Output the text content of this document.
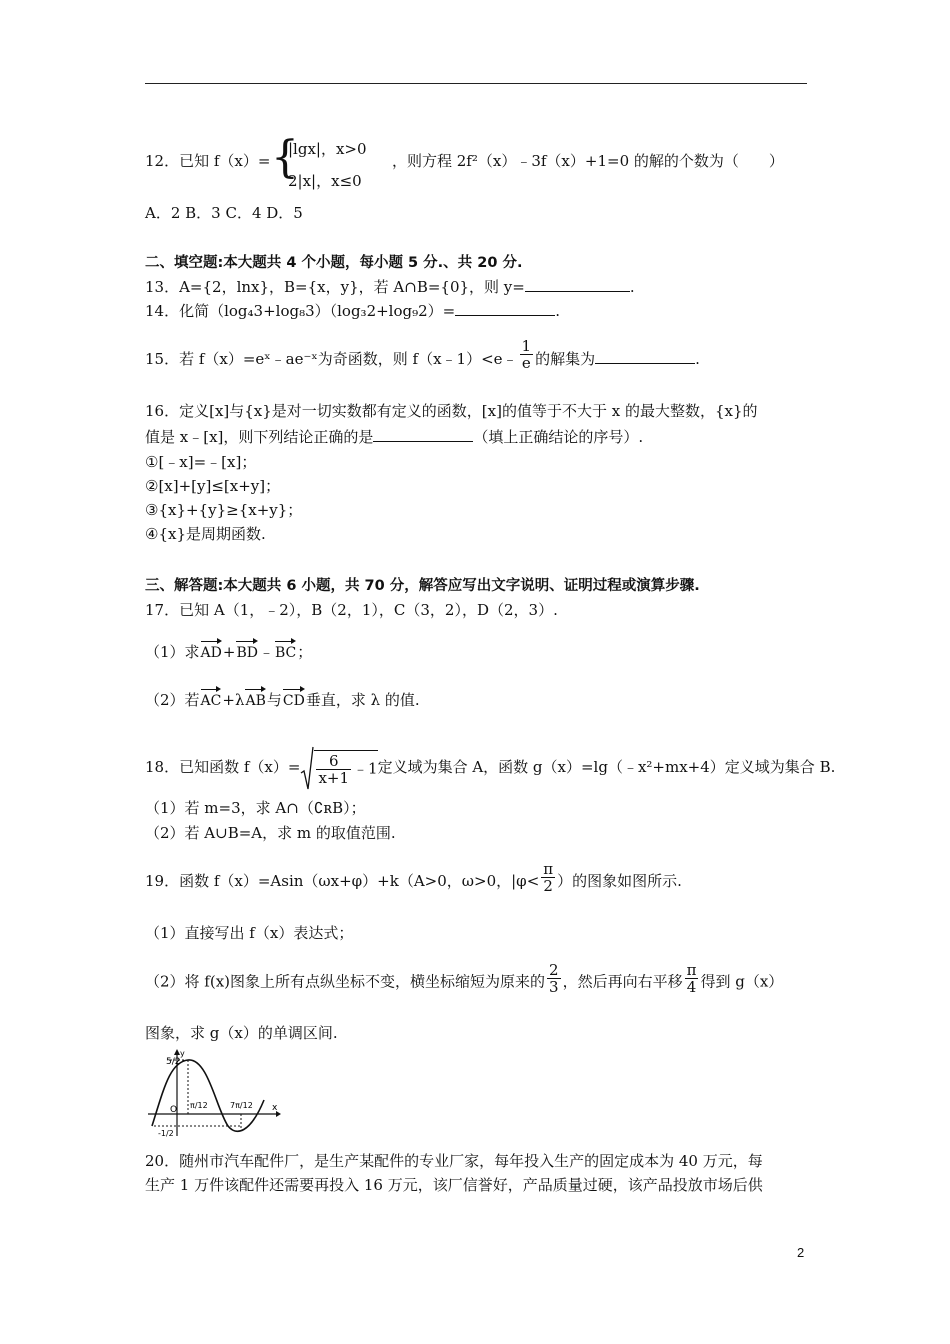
12．已知 f（x）= {
|lgx|，x>0
2|x|，x≤0
，则方程 2f²（x）﹣3f（x）+1=0 的解的个数为（　　）
A．2 B．3 C．4 D．5
二、填空题:本大题共 4 个小题，每小题 5 分.、共 20 分.
13．A={2，lnx}，B={x，y}，若 A∩B={0}，则 y=	.
14．化简（log₄3+log₈3）（log₃2+log₉2）=	.
15．若 f（x）=eˣ﹣ae⁻ˣ为奇函数，则 f（x﹣1）<e﹣ $\frac{1}{e}$ 的解集为	.
16．定义[x]与{x}是对一切实数都有定义的函数，[x]的值等于不大于 x 的最大整数，{x}的
值是 x﹣[x]，则下列结论正确的是	（填上正确结论的序号）.
①[﹣x]=﹣[x]；
②[x]+[y]≤[x+y]；
③{x}+{y}≥{x+y}；
④{x}是周期函数.
三、解答题:本大题共 6 小题，共 70 分，解答应写出文字说明、证明过程或演算步骤.
17．已知 A（1，﹣2），B（2，1），C（3，2），D（2，3）.
（1）求AD+BD﹣BC；
（2）若AC+λAB与CD垂直，求 λ 的值.
18．已知函数 $f(x)= \frac{6}{x+1}$ ﹣1定义域为集合 A，函数 g（x）=lg（﹣x²+mx+4）定义域为集合 B.
（1）若 m=3，求 A∩（∁ʀB）；
（2）若 A∪B=A，求 m 的取值范围.
19．函数 f（x）=Asin（ωx+φ）+k（A>0，ω>0，$|\varphi< \frac{\pi}{2}$ ）的图象如图所示.
（1）直接写出 f（x）表达式；
（2）将 f(x)图象上所有点纵坐标不变，横坐标缩短为原来的 $\frac{2}{3}$ ，然后再向右平移 $\frac{\pi}{4}$ 得到 g（x）
图象，求 g（x）的单调区间.
5/2
y
x
O
-1/2
π/12	7π/12
20．随州市汽车配件厂，是生产某配件的专业厂家，每年投入生产的固定成本为 40 万元，每
生产 1 万件该配件还需要再投入 16 万元，该厂信誉好，产品质量过硬，该产品投放市场后供
2
